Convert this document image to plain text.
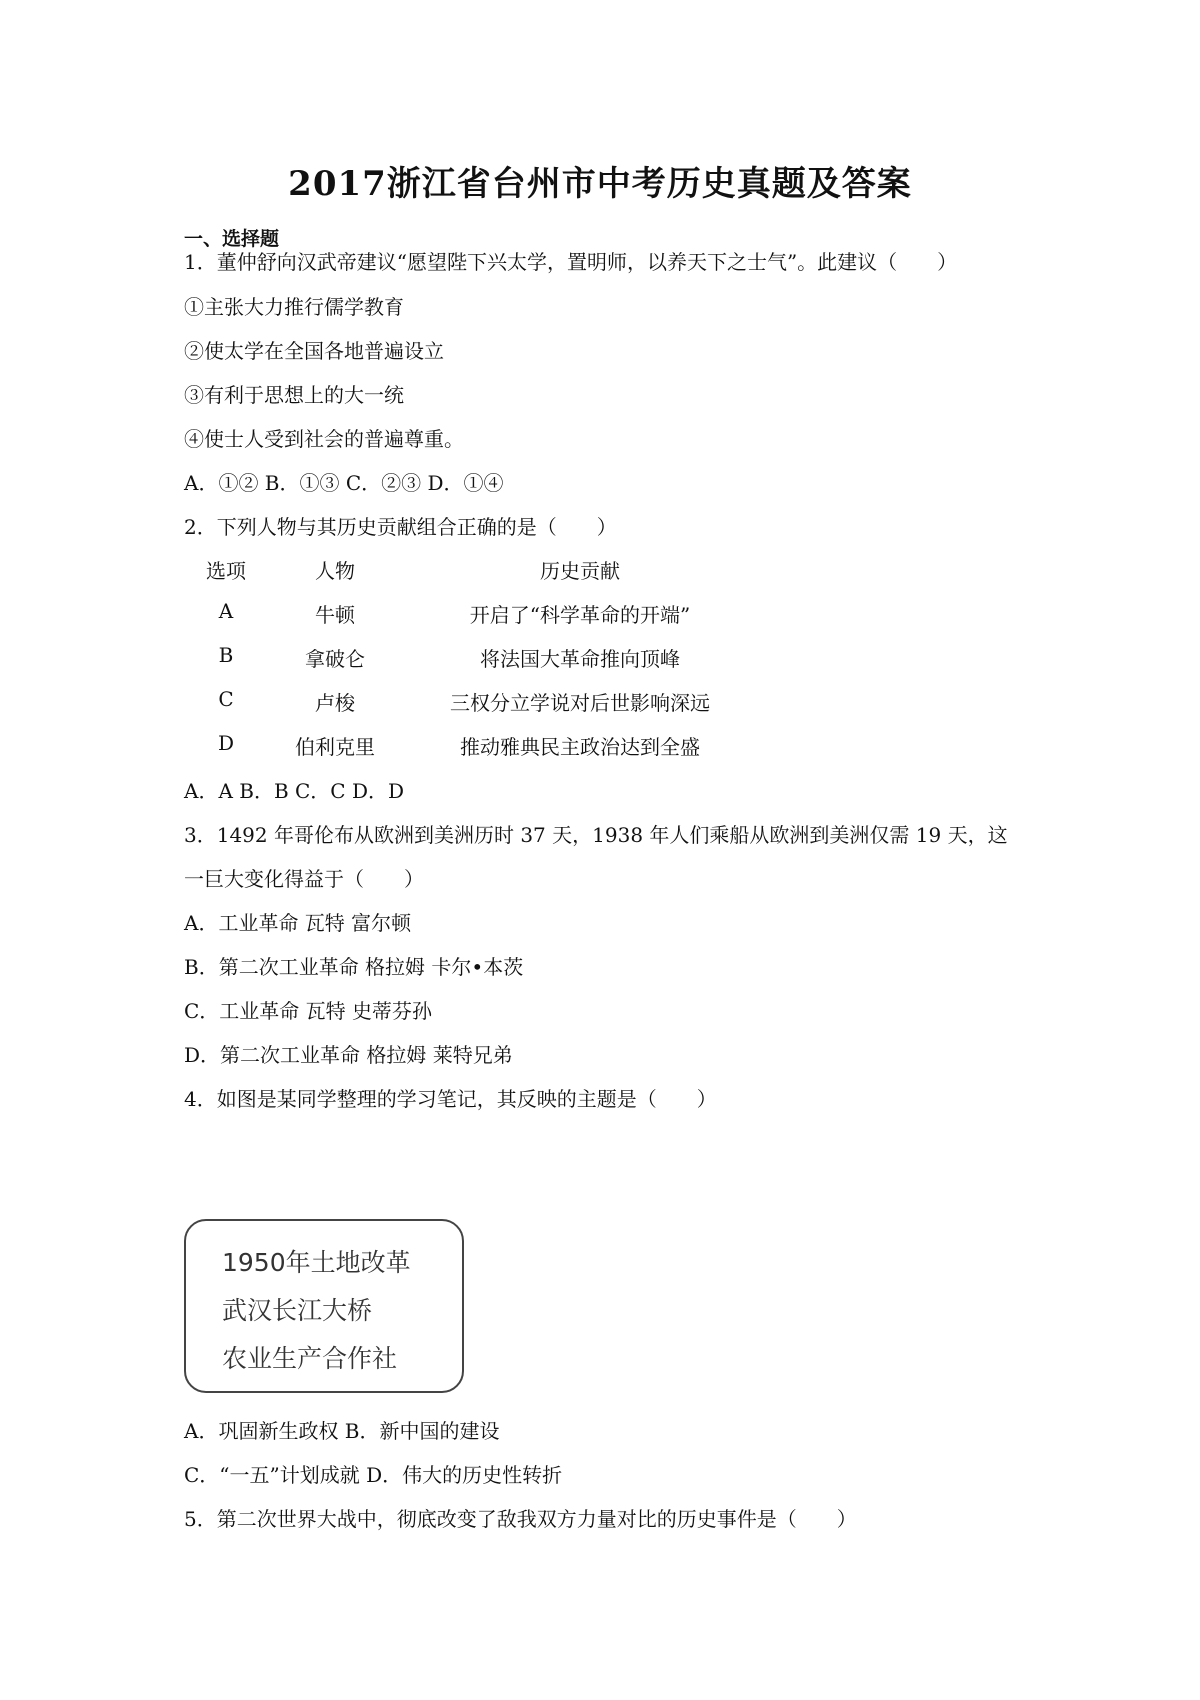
2017浙江省台州市中考历史真题及答案
一、选择题
1．董仲舒向汉武帝建议“愿望陛下兴太学，置明师，以养天下之士气”。此建议（　　）
①主张大力推行儒学教育
②使太学在全国各地普遍设立
③有利于思想上的大一统
④使士人受到社会的普遍尊重。
A．①② B．①③ C．②③ D．①④
2．下列人物与其历史贡献组合正确的是（　　）
选项	人物	历史贡献
A	牛顿	开启了“科学革命的开端”
B	拿破仑	将法国大革命推向顶峰
C	卢梭	三权分立学说对后世影响深远
D	伯利克里	推动雅典民主政治达到全盛
A．A B．B C．C D．D
3．1492 年哥伦布从欧洲到美洲历时 37 天，1938 年人们乘船从欧洲到美洲仅需 19 天，这
一巨大变化得益于（　　）
A．工业革命 瓦特 富尔顿
B．第二次工业革命 格拉姆 卡尔•本茨
C．工业革命 瓦特 史蒂芬孙
D．第二次工业革命 格拉姆 莱特兄弟
4．如图是某同学整理的学习笔记，其反映的主题是（　　）
1950年土地改革
武汉长江大桥
农业生产合作社
A．巩固新生政权 B．新中国的建设
C．“一五”计划成就 D．伟大的历史性转折
5．第二次世界大战中，彻底改变了敌我双方力量对比的历史事件是（　　）
